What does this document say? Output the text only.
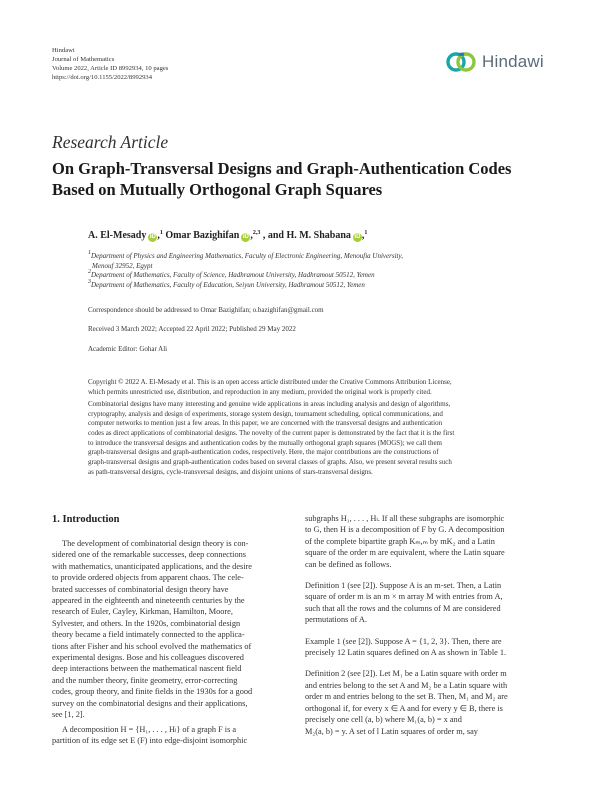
Hindawi
Journal of Mathematics
Volume 2022, Article ID 8992934, 10 pages
https://doi.org/10.1155/2022/8992934
Hindawi
Research Article
On Graph-Transversal Designs and Graph-Authentication Codes
Based on Mutually Orthogonal Graph Squares
A. El-Mesady iD ,$^1$ Omar Bazighifan iD ,$^{2,3}$ , and H. M. Shabana iD ,$^1$
$^1$Department of Physics and Engineering Mathematics, Faculty of Electronic Engineering, Menoufia University,
Menouf 32952, Egypt
$^2$Department of Mathematics, Faculty of Science, Hadhramout University, Hadhramout 50512, Yemen
$^3$Department of Mathematics, Faculty of Education, Seiyun University, Hadhramout 50512, Yemen
Correspondence should be addressed to Omar Bazighifan; o.bazighifan@gmail.com
Received 3 March 2022; Accepted 22 April 2022; Published 29 May 2022
Academic Editor: Gohar Ali
Copyright © 2022 A. El-Mesady et al. This is an open access article distributed under the Creative Commons Attribution License,
which permits unrestricted use, distribution, and reproduction in any medium, provided the original work is properly cited.
Combinatorial designs have many interesting and genuine wide applications in areas including analysis and design of algorithms,
cryptography, analysis and design of experiments, storage system design, tournament scheduling, optical communications, and
computer networks to mention just a few areas. In this paper, we are concerned with the transversal designs and authentication
codes as direct applications of combinatorial designs. The novelty of the current paper is demonstrated by the fact that it is the first
to introduce the transversal designs and authentication codes by the mutually orthogonal graph squares (MOGS); we call them
graph-transversal designs and graph-authentication codes, respectively. Here, the major contributions are the constructions of
graph-transversal designs and graph-authentication codes based on several classes of graphs. Also, we present several results such
as path-transversal designs, cycle-transversal designs, and disjoint unions of stars-transversal designs.
1. Introduction
The development of combinatorial design theory is con-
sidered one of the remarkable successes, deep connections
with mathematics, unanticipated applications, and the desire
to provide ordered objects from apparent chaos. The cele-
brated successes of combinatorial design theory have
appeared in the eighteenth and nineteenth centuries by the
research of Euler, Cayley, Kirkman, Hamilton, Moore,
Sylvester, and others. In the 1920s, combinatorial design
theory became a field intimately connected to the applica-
tions after Fisher and his school evolved the mathematics of
experimental designs. Bose and his colleagues discovered
deep interactions between the mathematical nascent field
and the number theory, finite geometry, error-correcting
codes, group theory, and finite fields in the 1930s for a good
survey on the combinatorial designs and their applications,
see [1, 2].
A decomposition H = {H₁, . . . , Hₗ} of a graph F is a
partition of its edge set E (F) into edge-disjoint isomorphic
subgraphs H₁, . . . , Hₗ. If all these subgraphs are isomorphic
to G, then H is a decomposition of F by G. A decomposition
of the complete bipartite graph Kₘ,ₘ by mK₂ and a Latin
square of the order m are equivalent, where the Latin square
can be defined as follows.
Definition 1 (see [2]). Suppose A is an m-set. Then, a Latin
square of order m is an m × m array M with entries from A,
such that all the rows and the columns of M are considered
permutations of A.
Example 1 (see [2]). Suppose A = {1, 2, 3}. Then, there are
precisely 12 Latin squares defined on A as shown in Table 1.
Definition 2 (see [2]). Let M₁ be a Latin square with order m
and entries belong to the set A and M₂ be a Latin square with
order m and entries belong to the set B. Then, M₁ and M₂ are
orthogonal if, for every x ∈ A and for every y ∈ B, there is
precisely one cell (a, b) where M₁(a, b) = x and
M₂(a, b) = y. A set of l Latin squares of order m, say
